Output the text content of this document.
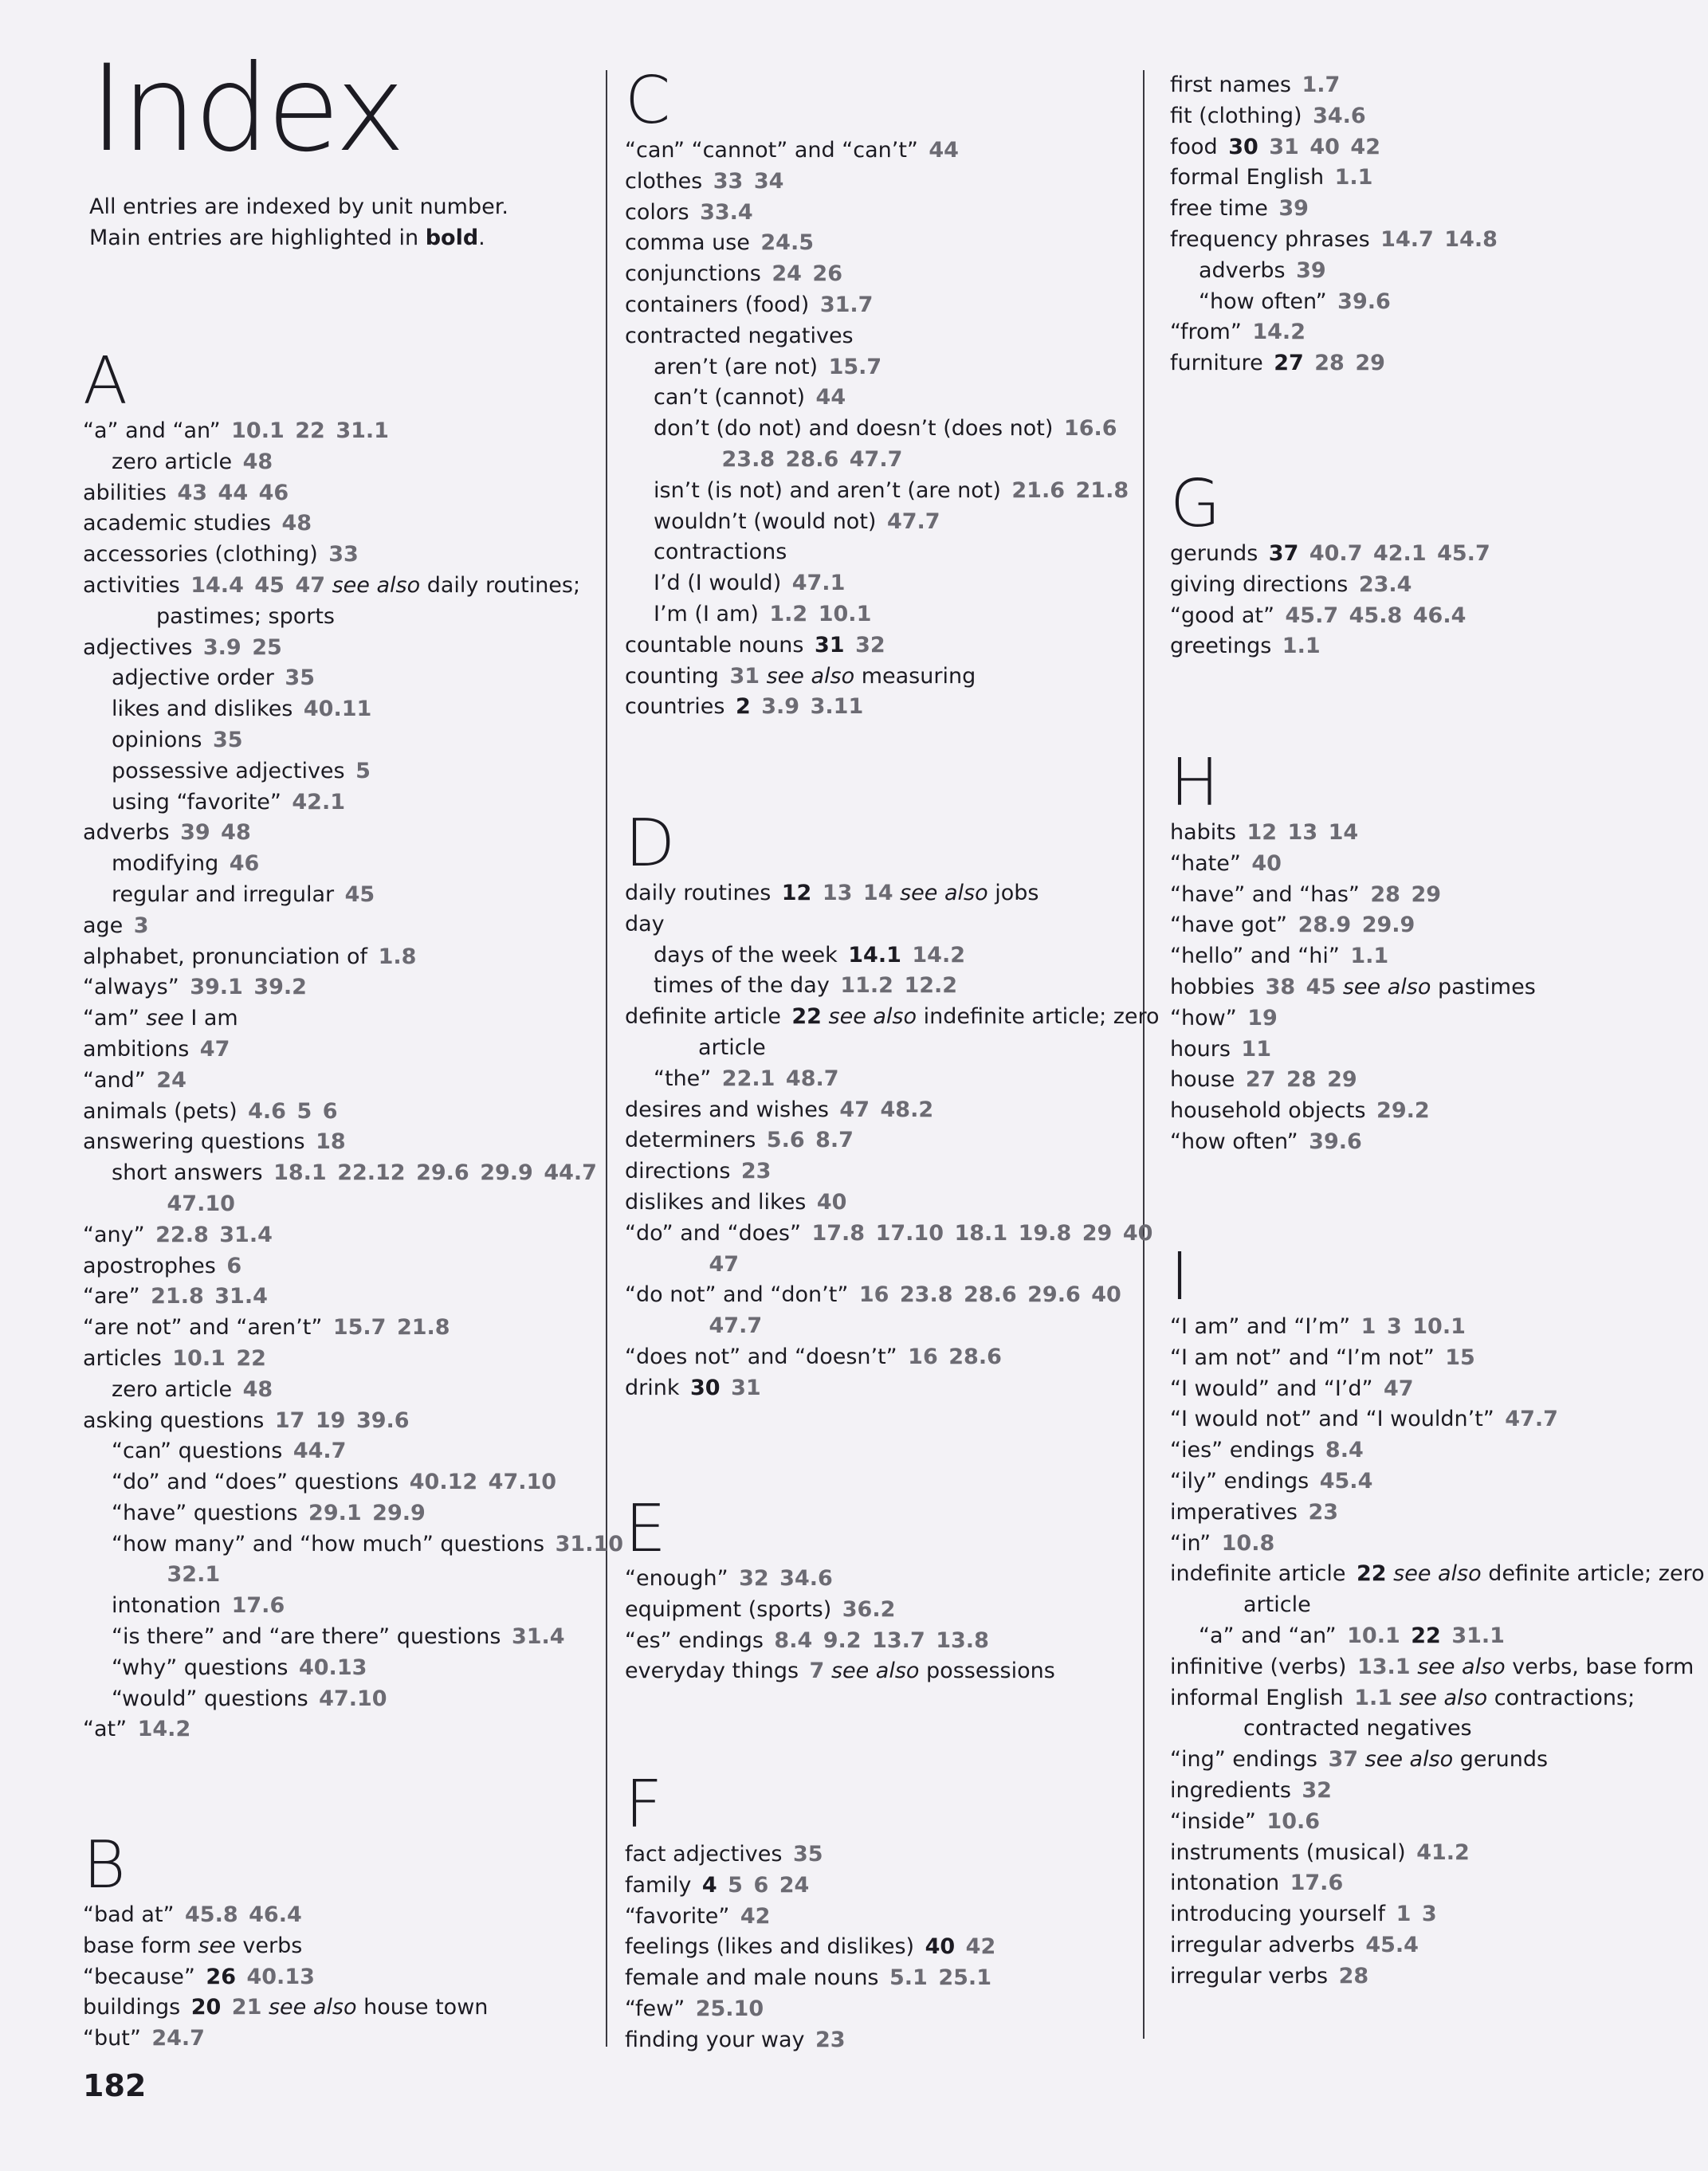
Index
All entries are indexed by unit number.
Main entries are highlighted in bold.
A
“a” and “an”  10.1  22  31.1
zero article  48
abilities  43  44  46
academic studies  48
accessories (clothing)  33
activities  14.4  45  47 see also daily routines;
pastimes; sports
adjectives  3.9  25
adjective order  35
likes and dislikes  40.11
opinions  35
possessive adjectives  5
using “favorite”  42.1
adverbs  39  48
modifying  46
regular and irregular  45
age  3
alphabet, pronunciation of  1.8
“always”  39.1  39.2
“am” see I am
ambitions  47
“and”  24
animals (pets)  4.6  5  6
answering questions  18
short answers  18.1  22.12  29.6  29.9  44.7
 47.10
“any”  22.8  31.4
apostrophes  6
“are”  21.8  31.4
“are not” and “aren’t”  15.7  21.8
articles  10.1  22
zero article  48
asking questions  17  19  39.6
“can” questions  44.7
“do” and “does” questions  40.12  47.10
“have” questions  29.1  29.9
“how many” and “how much” questions  31.10
 32.1
intonation  17.6
“is there” and “are there” questions  31.4
“why” questions  40.13
“would” questions  47.10
“at”  14.2
B
“bad at”  45.8  46.4
base form see verbs
“because”  26  40.13
buildings  20  21 see also house town
“but”  24.7
C
“can” “cannot” and “can’t”  44
clothes  33  34
colors  33.4
comma use  24.5
conjunctions  24  26
containers (food)  31.7
contracted negatives
aren’t (are not)  15.7
can’t (cannot)  44
don’t (do not) and doesn’t (does not)  16.6
 23.8  28.6  47.7
isn’t (is not) and aren’t (are not)  21.6  21.8
wouldn’t (would not)  47.7
contractions
I’d (I would)  47.1
I’m (I am)  1.2  10.1
countable nouns  31  32
counting  31 see also measuring
countries  2  3.9  3.11
D
daily routines  12  13  14 see also jobs
day
days of the week  14.1  14.2
times of the day  11.2  12.2
definite article  22 see also indefinite article; zero
article
“the”  22.1  48.7
desires and wishes  47  48.2
determiners  5.6  8.7
directions  23
dislikes and likes  40
“do” and “does”  17.8  17.10  18.1  19.8  29  40
 47
“do not” and “don’t”  16  23.8  28.6  29.6  40
 47.7
“does not” and “doesn’t”  16  28.6
drink  30  31
E
“enough”  32  34.6
equipment (sports)  36.2
“es” endings  8.4  9.2  13.7  13.8
everyday things  7 see also possessions
F
fact adjectives  35
family  4  5  6  24
“favorite”  42
feelings (likes and dislikes)  40  42
female and male nouns  5.1  25.1
“few”  25.10
finding your way  23
first names  1.7
fit (clothing)  34.6
food  30  31  40  42
formal English  1.1
free time  39
frequency phrases  14.7  14.8
adverbs  39
“how often”  39.6
“from”  14.2
furniture  27  28  29
G
gerunds  37  40.7  42.1  45.7
giving directions  23.4
“good at”  45.7  45.8  46.4
greetings  1.1
H
habits  12  13  14
“hate”  40
“have” and “has”  28  29
“have got”  28.9  29.9
“hello” and “hi”  1.1
hobbies  38  45 see also pastimes
“how”  19
hours  11
house  27  28  29
household objects  29.2
“how often”  39.6
I
“I am” and “I’m”  1  3  10.1
“I am not” and “I’m not”  15
“I would” and “I’d”  47
“I would not” and “I wouldn’t”  47.7
“ies” endings  8.4
“ily” endings  45.4
imperatives  23
“in”  10.8
indefinite article  22 see also definite article; zero
article
“a” and “an”  10.1  22  31.1
infinitive (verbs)  13.1 see also verbs, base form
informal English  1.1 see also contractions;
contracted negatives
“ing” endings  37 see also gerunds
ingredients  32
“inside”  10.6
instruments (musical)  41.2
intonation  17.6
introducing yourself  1  3
irregular adverbs  45.4
irregular verbs  28
182
